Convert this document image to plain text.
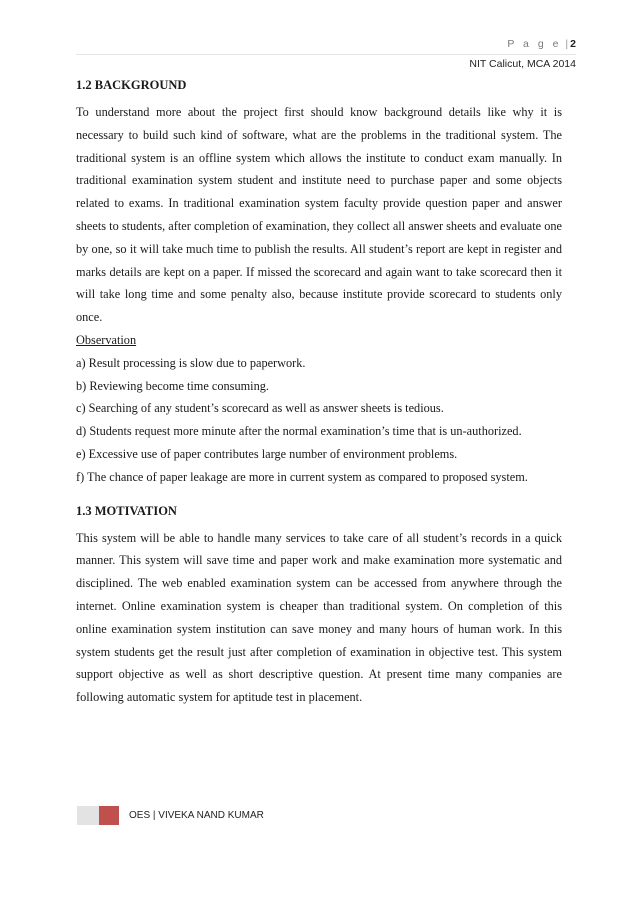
P a g e | 2
NIT Calicut, MCA 2014
1.2 BACKGROUND

To understand more about the project first should know background details like why it is necessary to build such kind of software, what are the problems in the traditional system. The traditional system is an offline system which allows the institute to conduct exam manually. In traditional examination system student and institute need to purchase paper and some objects related to exams. In traditional examination system faculty provide question paper and answer sheets to students, after completion of examination, they collect all answer sheets and evaluate one by one, so it will take much time to publish the results. All student’s report are kept in register and marks details are kept on a paper. If missed the scorecard and again want to take scorecard then it will take long time and some penalty also, because institute provide scorecard to students only once.

Observation
a) Result processing is slow due to paperwork.
b) Reviewing become time consuming.
c) Searching of any student’s scorecard as well as answer sheets is tedious.
d) Students request more minute after the normal examination’s time that is un-authorized.
e) Excessive use of paper contributes large number of environment problems.
f) The chance of paper leakage are more in current system as compared to proposed system.
1.3 MOTIVATION

This system will be able to handle many services to take care of all student’s records in a quick manner. This system will save time and paper work and make examination more systematic and disciplined. The web enabled examination system can be accessed from anywhere through the internet. Online examination system is cheaper than traditional system. On completion of this online examination system institution can save money and many hours of human work. In this system students get the result just after completion of examination in objective test. This system support objective as well as short descriptive question. At present time many companies are following automatic system for aptitude test in placement.

OES | VIVEKA NAND KUMAR
